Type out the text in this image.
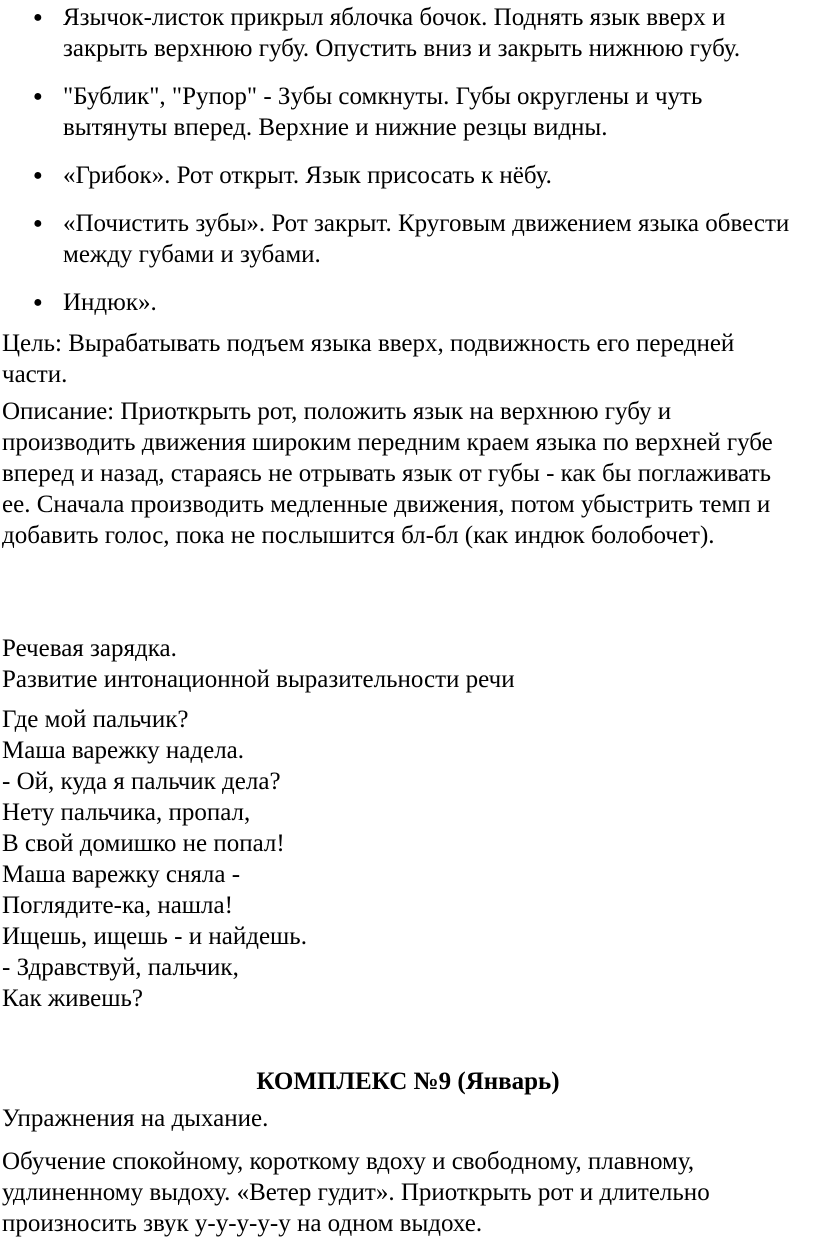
● Язычок-листок прикрыл яблочка бочок. Поднять язык вверх и закрыть верхнюю губу. Опустить вниз и закрыть нижнюю губу.
● "Бублик", "Рупор" - Зубы сомкнуты. Губы округлены и чуть вытянуты вперед. Верхние и нижние резцы видны.
● «Грибок». Рот открыт. Язык присосать к нёбу.
● «Почистить зубы». Рот закрыт. Круговым движением языка обвести между губами и зубами.
● Индюк».

Цель: Вырабатывать подъем языка вверх, подвижность его передней части.

Описание: Приоткрыть рот, положить язык на верхнюю губу и производить движения широким передним краем языка по верхней губе вперед и назад, стараясь не отрывать язык от губы - как бы поглаживать ее. Сначала производить медленные движения, потом убыстрить темп и добавить голос, пока не послышится бл-бл (как индюк болобочет).

Речевая зарядка.

Развитие интонационной выразительности речи

Где мой пальчик?
Маша варежку надела.
- Ой, куда я пальчик дела?
Нету пальчика, пропал,
В свой домишко не попал!
Маша варежку сняла -
Поглядите-ка, нашла!
Ищешь, ищешь - и найдешь.
- Здравствуй, пальчик,
Как живешь?
КОМПЛЕКС №9 (Январь)

Упражнения на дыхание.

Обучение спокойному, короткому вдоху и свободному, плавному, удлиненному выдоху. «Ветер гудит». Приоткрыть рот и длительно произносить звук у-у-у-у-у на одном выдохе.
